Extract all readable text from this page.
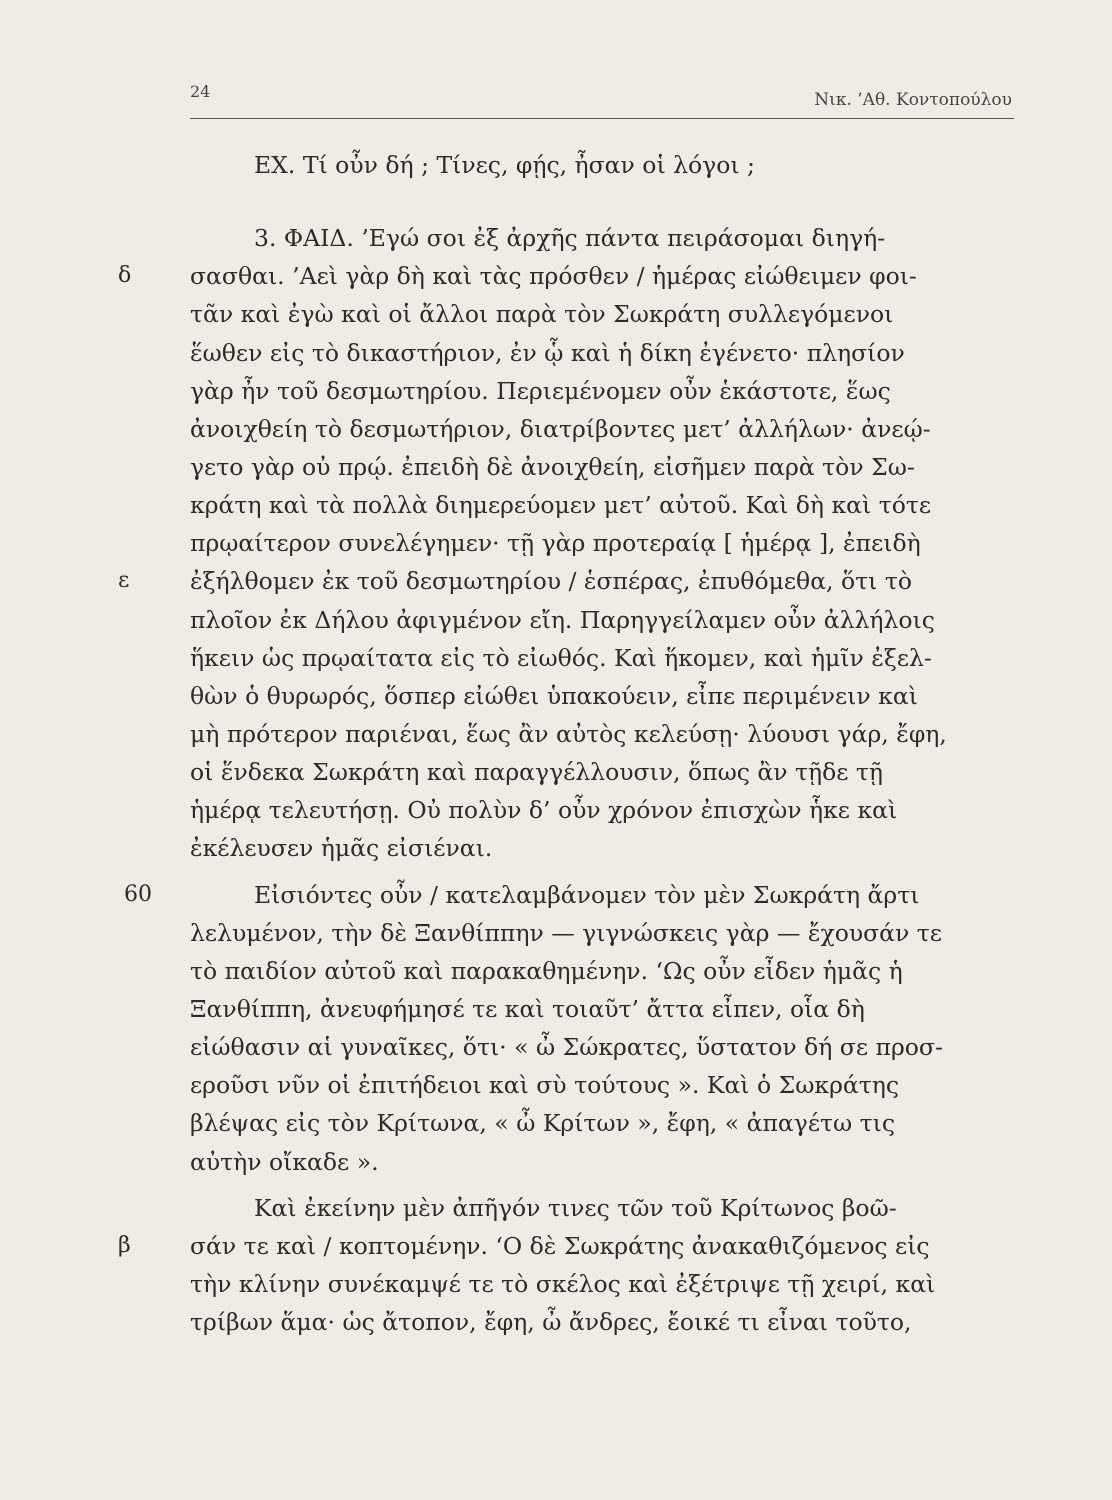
24	Νικ. ’Αθ. Κοντοπούλου
ΕΧ. Τί οὖν δή ; Τίνες, φῄς, ἦσαν οἱ λόγοι ;
3. ΦΑΙΔ. ’Εγώ σοι ἐξ ἀρχῆς πάντα πειράσομαι διηγή-
δ	σασθαι. ’Αεὶ γὰρ δὴ καὶ τὰς πρόσθεν / ἡμέρας εἰώθειμεν φοι-
τᾶν καὶ ἐγὼ καὶ οἱ ἄλλοι παρὰ τὸν Σωκράτη συλλεγόμενοι
ἕωθεν εἰς τὸ δικαστήριον, ἐν ᾧ καὶ ἡ δίκη ἐγένετο· πλησίον
γὰρ ἦν τοῦ δεσμωτηρίου. Περιεμένομεν οὖν ἑκάστοτε, ἕως
ἀνοιχθείη τὸ δεσμωτήριον, διατρίβοντες μετ’ ἀλλήλων· ἀνεῴ-
γετο γὰρ οὐ πρῴ. ἐπειδὴ δὲ ἀνοιχθείη, εἰσῆμεν παρὰ τὸν Σω-
κράτη καὶ τὰ πολλὰ διημερεύομεν μετ’ αὐτοῦ. Καὶ δὴ καὶ τότε
πρῳαίτερον συνελέγημεν· τῇ γὰρ προτεραίᾳ [ ἡμέρᾳ ], ἐπειδὴ
ε	ἐξήλθομεν ἐκ τοῦ δεσμωτηρίου / ἑσπέρας, ἐπυθόμεθα, ὅτι τὸ
πλοῖον ἐκ Δήλου ἀφιγμένον εἴη. Παρηγγείλαμεν οὖν ἀλλήλοις
ἥκειν ὡς πρῳαίτατα εἰς τὸ εἰωθός. Καὶ ἥκομεν, καὶ ἡμῖν ἐξελ-
θὼν ὁ θυρωρός, ὅσπερ εἰώθει ὑπακούειν, εἶπε περιμένειν καὶ
μὴ πρότερον παριέναι, ἕως ἂν αὐτὸς κελεύσῃ· λύουσι γάρ, ἔφη,
οἱ ἕνδεκα Σωκράτη καὶ παραγγέλλουσιν, ὅπως ἂν τῇδε τῇ
ἡμέρᾳ τελευτήσῃ. Οὐ πολὺν δ’ οὖν χρόνον ἐπισχὼν ἧκε καὶ
ἐκέλευσεν ἡμᾶς εἰσιέναι.
60	Εἰσιόντες οὖν / κατελαμβάνομεν τὸν μὲν Σωκράτη ἄρτι
λελυμένον, τὴν δὲ Ξανθίππην — γιγνώσκεις γὰρ — ἔχουσάν τε
τὸ παιδίον αὐτοῦ καὶ παρακαθημένην. ‘Ως οὖν εἶδεν ἡμᾶς ἡ
Ξανθίππη, ἀνευφήμησέ τε καὶ τοιαῦτ’ ἄττα εἶπεν, οἷα δὴ
εἰώθασιν αἱ γυναῖκες, ὅτι· « ὦ Σώκρατες, ὕστατον δή σε προσ-
εροῦσι νῦν οἱ ἐπιτήδειοι καὶ σὺ τούτους ». Καὶ ὁ Σωκράτης
βλέψας εἰς τὸν Κρίτωνα, « ὦ Κρίτων », ἔφη, « ἀπαγέτω τις
αὐτὴν οἴκαδε ».
Καὶ ἐκείνην μὲν ἀπῆγόν τινες τῶν τοῦ Κρίτωνος βοῶ-
β	σάν τε καὶ / κοπτομένην. ‘Ο δὲ Σωκράτης ἀνακαθιζόμενος εἰς
τὴν κλίνην συνέκαμψέ τε τὸ σκέλος καὶ ἐξέτριψε τῇ χειρί, καὶ
τρίβων ἅμα· ὡς ἄτοπον, ἔφη, ὦ ἄνδρες, ἔοικέ τι εἶναι τοῦτο,
